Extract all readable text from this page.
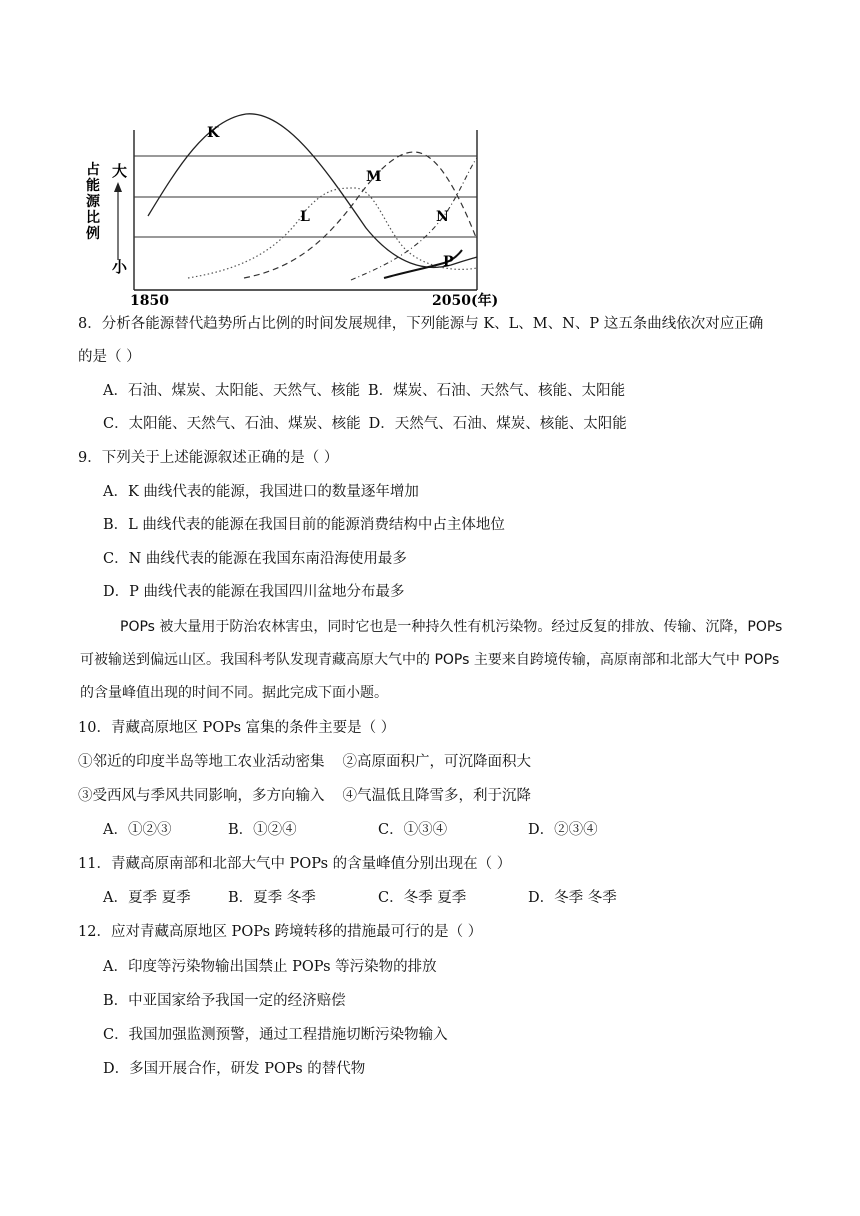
K
L
M
N
P
大
小
占能源比例
1850	2050(年)
8．分析各能源替代趋势所占比例的时间发展规律，下列能源与 K、L、M、N、P 这五条曲线依次对应正确
的是（ ）
A．石油、煤炭、太阳能、天然气、核能 B．煤炭、石油、天然气、核能、太阳能
C．太阳能、天然气、石油、煤炭、核能 D．天然气、石油、煤炭、核能、太阳能
9．下列关于上述能源叙述正确的是（ ）
A．K 曲线代表的能源，我国进口的数量逐年增加
B．L 曲线代表的能源在我国目前的能源消费结构中占主体地位
C．N 曲线代表的能源在我国东南沿海使用最多
D．P 曲线代表的能源在我国四川盆地分布最多
POPs 被大量用于防治农林害虫，同时它也是一种持久性有机污染物。经过反复的排放、传输、沉降，POPs 可被输送到偏远山区。我国科考队发现青藏高原大气中的 POPs 主要来自跨境传输，高原南部和北部大气中 POPs 的含量峰值出现的时间不同。据此完成下面小题。
10．青藏高原地区 POPs 富集的条件主要是（ ）
①邻近的印度半岛等地工农业活动密集 ②高原面积广，可沉降面积大
③受西风与季风共同影响，多方向输入 ④气温低且降雪多，利于沉降
A．①②③	B．①②④	C．①③④	D．②③④
11．青藏高原南部和北部大气中 POPs 的含量峰值分别出现在（ ）
A．夏季 夏季	B．夏季 冬季	C．冬季 夏季	D．冬季 冬季
12．应对青藏高原地区 POPs 跨境转移的措施最可行的是（ ）
A．印度等污染物输出国禁止 POPs 等污染物的排放
B．中亚国家给予我国一定的经济赔偿
C．我国加强监测预警，通过工程措施切断污染物输入
D．多国开展合作，研发 POPs 的替代物
